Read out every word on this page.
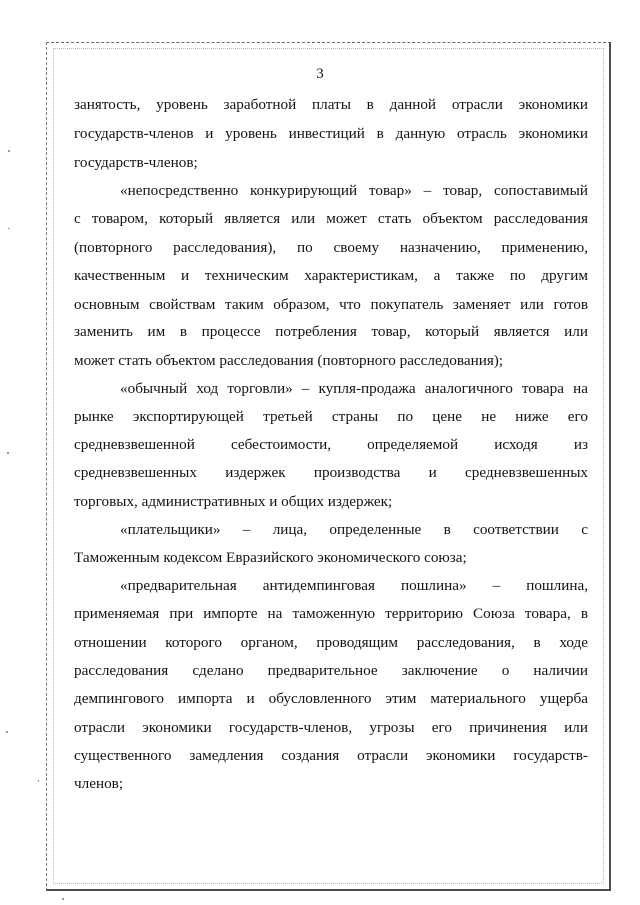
3
занятость, уровень заработной платы в данной отрасли экономики
государств-членов и уровень инвестиций в данную отрасль экономики
государств-членов;
«непосредственно конкурирующий товар» – товар, сопоставимый
с товаром, который является или может стать объектом расследования
(повторного расследования), по своему назначению, применению,
качественным и техническим характеристикам, а также по другим
основным свойствам таким образом, что покупатель заменяет или готов
заменить им в процессе потребления товар, который является или
может стать объектом расследования (повторного расследования);
«обычный ход торговли» – купля-продажа аналогичного товара на
рынке экспортирующей третьей страны по цене не ниже его
средневзвешенной себестоимости, определяемой исходя из
средневзвешенных издержек производства и средневзвешенных
торговых, административных и общих издержек;
«плательщики» – лица, определенные в соответствии с
Таможенным кодексом Евразийского экономического союза;
«предварительная антидемпинговая пошлина» – пошлина,
применяемая при импорте на таможенную территорию Союза товара, в
отношении которого органом, проводящим расследования, в ходе
расследования сделано предварительное заключение о наличии
демпингового импорта и обусловленного этим материального ущерба
отрасли экономики государств-членов, угрозы его причинения или
существенного замедления создания отрасли экономики государств-
членов;
